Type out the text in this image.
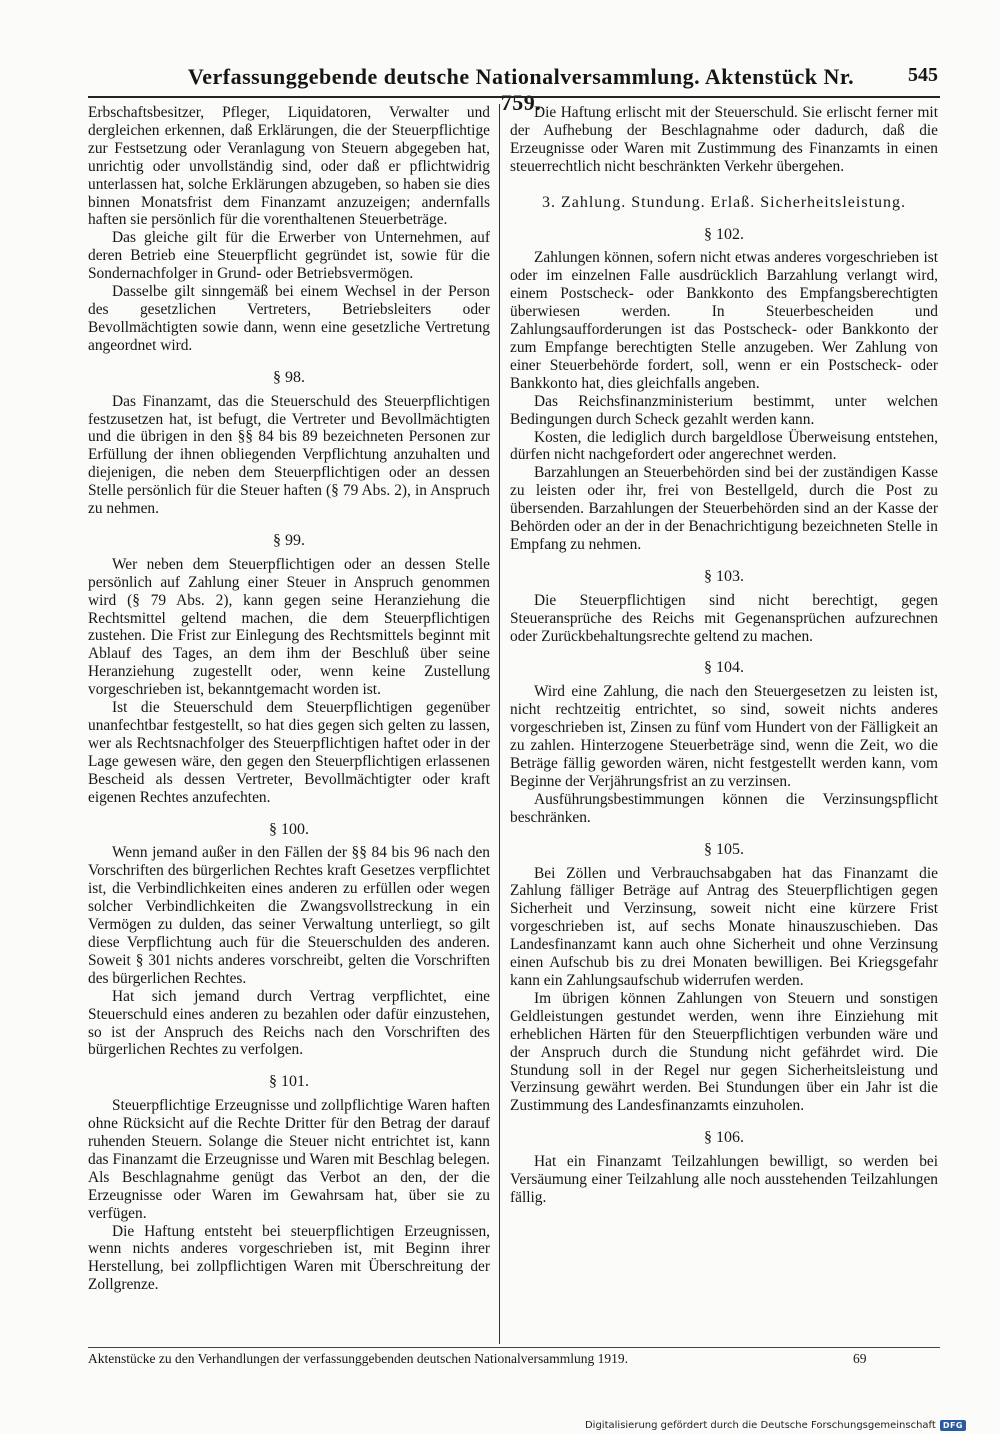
Verfassunggebende deutsche Nationalversammlung. Aktenstück Nr. 759.
545

Erbschaftsbesitzer, Pfleger, Liquidatoren, Verwalter und dergleichen erkennen, daß Erklärungen, die der Steuerpflichtige zur Festsetzung oder Veranlagung von Steuern abgegeben hat, unrichtig oder unvollständig sind, oder daß er pflichtwidrig unterlassen hat, solche Erklärungen abzugeben, so haben sie dies binnen Monatsfrist dem Finanzamt anzuzeigen; andernfalls haften sie persönlich für die vorenthaltenen Steuerbeträge.

Das gleiche gilt für die Erwerber von Unternehmen, auf deren Betrieb eine Steuerpflicht gegründet ist, sowie für die Sondernachfolger in Grund- oder Betriebsvermögen.

Dasselbe gilt sinngemäß bei einem Wechsel in der Person des gesetzlichen Vertreters, Betriebsleiters oder Bevollmächtigten sowie dann, wenn eine gesetzliche Vertretung angeordnet wird.

§ 98.

Das Finanzamt, das die Steuerschuld des Steuerpflichtigen festzusetzen hat, ist befugt, die Vertreter und Bevollmächtigten und die übrigen in den §§ 84 bis 89 bezeichneten Personen zur Erfüllung der ihnen obliegenden Verpflichtung anzuhalten und diejenigen, die neben dem Steuerpflichtigen oder an dessen Stelle persönlich für die Steuer haften (§ 79 Abs. 2), in Anspruch zu nehmen.

§ 99.

Wer neben dem Steuerpflichtigen oder an dessen Stelle persönlich auf Zahlung einer Steuer in Anspruch genommen wird (§ 79 Abs. 2), kann gegen seine Heranziehung die Rechtsmittel geltend machen, die dem Steuerpflichtigen zustehen. Die Frist zur Einlegung des Rechtsmittels beginnt mit Ablauf des Tages, an dem ihm der Beschluß über seine Heranziehung zugestellt oder, wenn keine Zustellung vorgeschrieben ist, bekanntgemacht worden ist.

Ist die Steuerschuld dem Steuerpflichtigen gegenüber unanfechtbar festgestellt, so hat dies gegen sich gelten zu lassen, wer als Rechtsnachfolger des Steuerpflichtigen haftet oder in der Lage gewesen wäre, den gegen den Steuerpflichtigen erlassenen Bescheid als dessen Vertreter, Bevollmächtigter oder kraft eigenen Rechtes anzufechten.

§ 100.

Wenn jemand außer in den Fällen der §§ 84 bis 96 nach den Vorschriften des bürgerlichen Rechtes kraft Gesetzes verpflichtet ist, die Verbindlichkeiten eines anderen zu erfüllen oder wegen solcher Verbindlichkeiten die Zwangsvollstreckung in ein Vermögen zu dulden, das seiner Verwaltung unterliegt, so gilt diese Verpflichtung auch für die Steuerschulden des anderen. Soweit § 301 nichts anderes vorschreibt, gelten die Vorschriften des bürgerlichen Rechtes.

Hat sich jemand durch Vertrag verpflichtet, eine Steuerschuld eines anderen zu bezahlen oder dafür einzustehen, so ist der Anspruch des Reichs nach den Vorschriften des bürgerlichen Rechtes zu verfolgen.

§ 101.

Steuerpflichtige Erzeugnisse und zollpflichtige Waren haften ohne Rücksicht auf die Rechte Dritter für den Betrag der darauf ruhenden Steuern. Solange die Steuer nicht entrichtet ist, kann das Finanzamt die Erzeugnisse und Waren mit Beschlag belegen. Als Beschlagnahme genügt das Verbot an den, der die Erzeugnisse oder Waren im Gewahrsam hat, über sie zu verfügen.

Die Haftung entsteht bei steuerpflichtigen Erzeugnissen, wenn nichts anderes vorgeschrieben ist, mit Beginn ihrer Herstellung, bei zollpflichtigen Waren mit Überschreitung der Zollgrenze.

Die Haftung erlischt mit der Steuerschuld. Sie erlischt ferner mit der Aufhebung der Beschlagnahme oder dadurch, daß die Erzeugnisse oder Waren mit Zustimmung des Finanzamts in einen steuerrechtlich nicht beschränkten Verkehr übergehen.

3. Zahlung. Stundung. Erlaß. Sicherheitsleistung.
§ 102.

Zahlungen können, sofern nicht etwas anderes vorgeschrieben ist oder im einzelnen Falle ausdrücklich Barzahlung verlangt wird, einem Postscheck- oder Bankkonto des Empfangsberechtigten überwiesen werden. In Steuerbescheiden und Zahlungsaufforderungen ist das Postscheck- oder Bankkonto der zum Empfange berechtigten Stelle anzugeben. Wer Zahlung von einer Steuerbehörde fordert, soll, wenn er ein Postscheck- oder Bankkonto hat, dies gleichfalls angeben.

Das Reichsfinanzministerium bestimmt, unter welchen Bedingungen durch Scheck gezahlt werden kann.

Kosten, die lediglich durch bargeldlose Überweisung entstehen, dürfen nicht nachgefordert oder angerechnet werden.

Barzahlungen an Steuerbehörden sind bei der zuständigen Kasse zu leisten oder ihr, frei von Bestellgeld, durch die Post zu übersenden. Barzahlungen der Steuerbehörden sind an der Kasse der Behörden oder an der in der Benachrichtigung bezeichneten Stelle in Empfang zu nehmen.

§ 103.

Die Steuerpflichtigen sind nicht berechtigt, gegen Steueransprüche des Reichs mit Gegenansprüchen aufzurechnen oder Zurückbehaltungsrechte geltend zu machen.

§ 104.

Wird eine Zahlung, die nach den Steuergesetzen zu leisten ist, nicht rechtzeitig entrichtet, so sind, soweit nichts anderes vorgeschrieben ist, Zinsen zu fünf vom Hundert von der Fälligkeit an zu zahlen. Hinterzogene Steuerbeträge sind, wenn die Zeit, wo die Beträge fällig geworden wären, nicht festgestellt werden kann, vom Beginne der Verjährungsfrist an zu verzinsen.

Ausführungsbestimmungen können die Verzinsungspflicht beschränken.

§ 105.

Bei Zöllen und Verbrauchsabgaben hat das Finanzamt die Zahlung fälliger Beträge auf Antrag des Steuerpflichtigen gegen Sicherheit und Verzinsung, soweit nicht eine kürzere Frist vorgeschrieben ist, auf sechs Monate hinauszuschieben. Das Landesfinanzamt kann auch ohne Sicherheit und ohne Verzinsung einen Aufschub bis zu drei Monaten bewilligen. Bei Kriegsgefahr kann ein Zahlungsaufschub widerrufen werden.

Im übrigen können Zahlungen von Steuern und sonstigen Geldleistungen gestundet werden, wenn ihre Einziehung mit erheblichen Härten für den Steuerpflichtigen verbunden wäre und der Anspruch durch die Stundung nicht gefährdet wird. Die Stundung soll in der Regel nur gegen Sicherheitsleistung und Verzinsung gewährt werden. Bei Stundungen über ein Jahr ist die Zustimmung des Landesfinanzamts einzuholen.

§ 106.

Hat ein Finanzamt Teilzahlungen bewilligt, so werden bei Versäumung einer Teilzahlung alle noch ausstehenden Teilzahlungen fällig.

Aktenstücke zu den Verhandlungen der verfassunggebenden deutschen Nationalversammlung 1919.	69
Digitalisierung gefördert durch die Deutsche Forschungsgemeinschaft DFG
